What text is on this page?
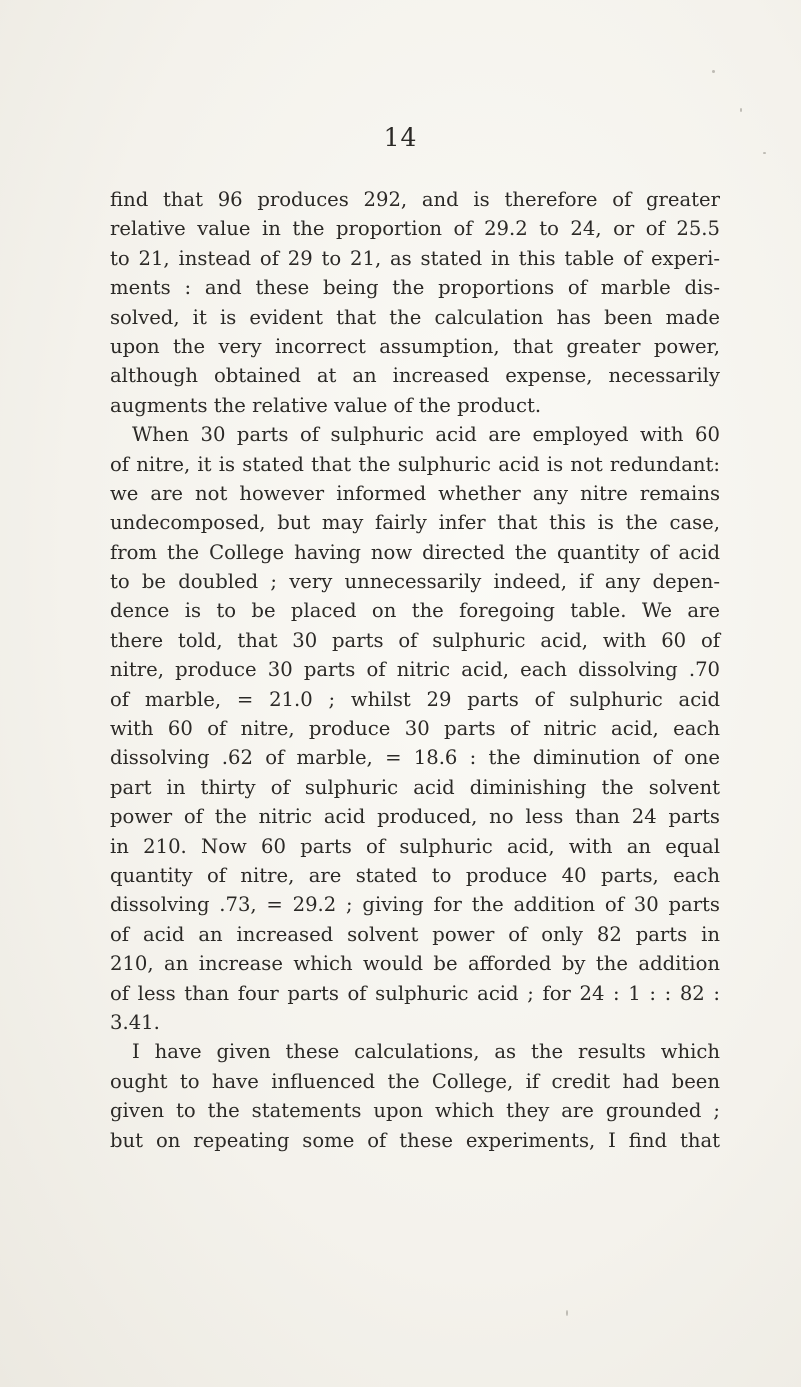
14
find that 96 produces 292, and is therefore of greater
relative value in the proportion of 29.2 to 24, or of 25.5
to 21, instead of 29 to 21, as stated in this table of experi-
ments : and these being the proportions of marble dis-
solved, it is evident that the calculation has been made
upon the very incorrect assumption, that greater power,
although obtained at an increased expense, necessarily
augments the relative value of the product.
When 30 parts of sulphuric acid are employed with 60
of nitre, it is stated that the sulphuric acid is not redundant:
we are not however informed whether any nitre remains
undecomposed, but may fairly infer that this is the case,
from the College having now directed the quantity of acid
to be doubled ; very unnecessarily indeed, if any depen-
dence is to be placed on the foregoing table. We are
there told, that 30 parts of sulphuric acid, with 60 of
nitre, produce 30 parts of nitric acid, each dissolving .70
of marble, = 21.0 ; whilst 29 parts of sulphuric acid
with 60 of nitre, produce 30 parts of nitric acid, each
dissolving .62 of marble, = 18.6 : the diminution of one
part in thirty of sulphuric acid diminishing the solvent
power of the nitric acid produced, no less than 24 parts
in 210. Now 60 parts of sulphuric acid, with an equal
quantity of nitre, are stated to produce 40 parts, each
dissolving .73, = 29.2 ; giving for the addition of 30 parts
of acid an increased solvent power of only 82 parts in
210, an increase which would be afforded by the addition
of less than four parts of sulphuric acid ; for 24 : 1 : : 82 :
3.41.
I have given these calculations, as the results which
ought to have influenced the College, if credit had been
given to the statements upon which they are grounded ;
but on repeating some of these experiments, I find that
